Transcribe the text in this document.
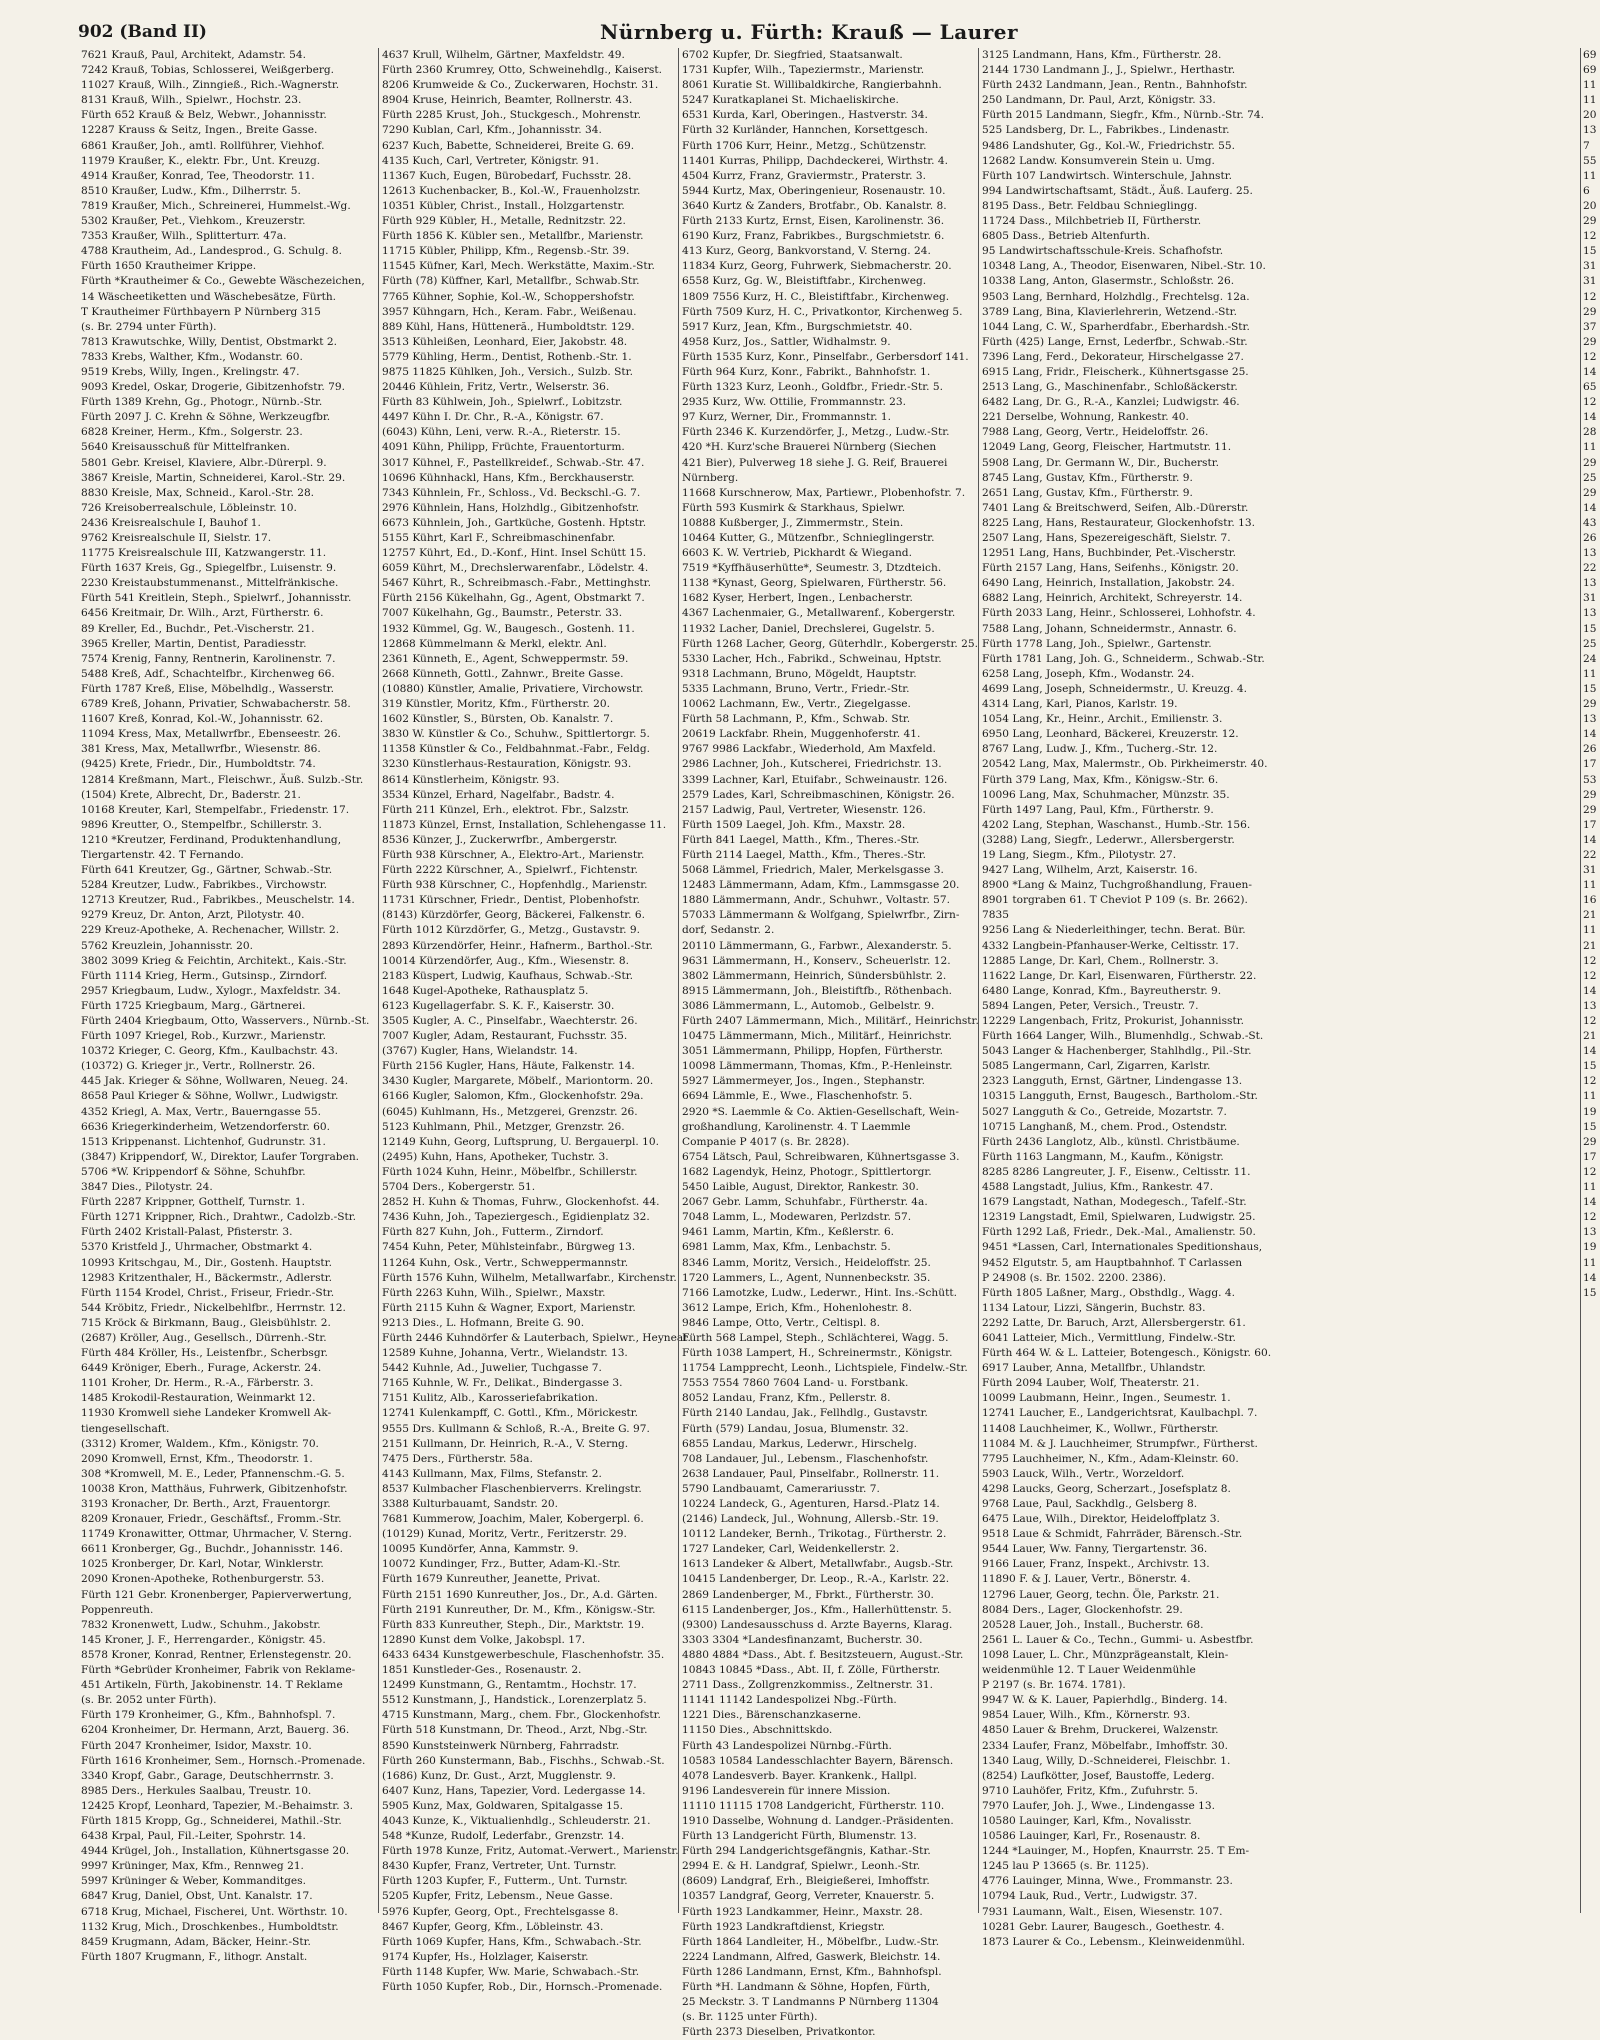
902 (Band II)	Nürnberg u. Fürth: Krauß — Laurer
7621 Krauß, Paul, Architekt, Adamstr. 54.
7242 Krauß, Tobias, Schlosserei, Weißgerberg.
11027 Krauß, Wilh., Zinngieß., Rich.-Wagnerstr.
8131 Krauß, Wilh., Spielwr., Hochstr. 23.
Fürth 652 Krauß & Belz, Webwr., Johannisstr.
12287 Krauss & Seitz, Ingen., Breite Gasse.
6861 Kraußer, Joh., amtl. Rollführer, Viehhof.
11979 Kraußer, K., elektr. Fbr., Unt. Kreuzg.
4914 Kraußer, Konrad, Tee, Theodorstr. 11.
8510 Kraußer, Ludw., Kfm., Dilherrstr. 5.
7819 Kraußer, Mich., Schreinerei, Hummelst.-Wg.
5302 Kraußer, Pet., Viehkom., Kreuzerstr.
7353 Kraußer, Wilh., Splitterturr. 47a.
4788 Krautheim, Ad., Landesprod., G. Schulg. 8.
Fürth 1650 Krautheimer Krippe.
Fürth *Krautheimer & Co., Gewebte Wäschezeichen,
14 Wäscheetiketten und Wäschebesätze, Fürth.
T Krautheimer Fürthbayern P Nürnberg 315
(s. Br. 2794 unter Fürth).
7813 Krawutschke, Willy, Dentist, Obstmarkt 2.
7833 Krebs, Walther, Kfm., Wodanstr. 60.
9519 Krebs, Willy, Ingen., Krelingstr. 47.
9093 Kredel, Oskar, Drogerie, Gibitzenhofstr. 79.
Fürth 1389 Krehn, Gg., Photogr., Nürnb.-Str.
Fürth 2097 J. C. Krehn & Söhne, Werkzeugfbr.
6828 Kreiner, Herm., Kfm., Solgerstr. 23.
5640 Kreisausschuß für Mittelfranken.
5801 Gebr. Kreisel, Klaviere, Albr.-Dürerpl. 9.
3867 Kreisle, Martin, Schneiderei, Karol.-Str. 29.
8830 Kreisle, Max, Schneid., Karol.-Str. 28.
726 Kreisoberrealschule, Löbleinstr. 10.
2436 Kreisrealschule I, Bauhof 1.
9762 Kreisrealschule II, Sielstr. 17.
11775 Kreisrealschule III, Katzwangerstr. 11.
Fürth 1637 Kreis, Gg., Spiegelfbr., Luisenstr. 9.
2230 Kreistaubstummenanst., Mittelfränkische.
Fürth 541 Kreitlein, Steph., Spielwrf., Johannisstr.
6456 Kreitmair, Dr. Wilh., Arzt, Fürtherstr. 6.
89 Kreller, Ed., Buchdr., Pet.-Vischerstr. 21.
3965 Kreller, Martin, Dentist, Paradiesstr.
7574 Krenig, Fanny, Rentnerin, Karolinenstr. 7.
5488 Kreß, Adf., Schachtelfbr., Kirchenweg 66.
Fürth 1787 Kreß, Elise, Möbelhdlg., Wasserstr.
6789 Kreß, Johann, Privatier, Schwabacherstr. 58.
11607 Kreß, Konrad, Kol.-W., Johannisstr. 62.
11094 Kress, Max, Metallwrfbr., Ebenseestr. 26.
381 Kress, Max, Metallwrfbr., Wiesenstr. 86.
(9425) Krete, Friedr., Dir., Humboldtstr. 74.
12814 Kreßmann, Mart., Fleischwr., Äuß. Sulzb.-Str.
(1504) Krete, Albrecht, Dr., Baderstr. 21.
10168 Kreuter, Karl, Stempelfabr., Friedenstr. 17.
9896 Kreutter, O., Stempelfbr., Schillerstr. 3.
1210 *Kreutzer, Ferdinand, Produktenhandlung,
Tiergartenstr. 42. T Fernando.
Fürth 641 Kreutzer, Gg., Gärtner, Schwab.-Str.
5284 Kreutzer, Ludw., Fabrikbes., Virchowstr.
12713 Kreutzer, Rud., Fabrikbes., Meuschelstr. 14.
9279 Kreuz, Dr. Anton, Arzt, Pilotystr. 40.
229 Kreuz-Apotheke, A. Rechenacher, Willstr. 2.
5762 Kreuzlein, Johannisstr. 20.
3802 3099 Krieg & Feichtin, Architekt., Kais.-Str.
Fürth 1114 Krieg, Herm., Gutsinsp., Zirndorf.
2957 Kriegbaum, Ludw., Xylogr., Maxfeldstr. 34.
Fürth 1725 Kriegbaum, Marg., Gärtnerei.
Fürth 2404 Kriegbaum, Otto, Wasservers., Nürnb.-St.
Fürth 1097 Kriegel, Rob., Kurzwr., Marienstr.
10372 Krieger, C. Georg, Kfm., Kaulbachstr. 43.
(10372) G. Krieger jr., Vertr., Rollnerstr. 26.
445 Jak. Krieger & Söhne, Wollwaren, Neueg. 24.
8658 Paul Krieger & Söhne, Wollwr., Ludwigstr.
4352 Kriegl, A. Max, Vertr., Bauerngasse 55.
6636 Kriegerkinderheim, Wetzendorferstr. 60.
1513 Krippenanst. Lichtenhof, Gudrunstr. 31.
(3847) Krippendorf, W., Direktor, Laufer Torgraben.
5706 *W. Krippendorf & Söhne, Schuhfbr.
3847 Dies., Pilotystr. 24.
Fürth 2287 Krippner, Gotthelf, Turnstr. 1.
Fürth 1271 Krippner, Rich., Drahtwr., Cadolzb.-Str.
Fürth 2402 Kristall-Palast, Pfisterstr. 3.
5370 Kristfeld J., Uhrmacher, Obstmarkt 4.
10993 Kritschgau, M., Dir., Gostenh. Hauptstr.
12983 Kritzenthaler, H., Bäckermstr., Adlerstr.
Fürth 1154 Krodel, Christ., Friseur, Friedr.-Str.
544 Kröbitz, Friedr., Nickelbehlfbr., Herrnstr. 12.
715 Kröck & Birkmann, Baug., Gleisbühlstr. 2.
(2687) Kröller, Aug., Gesellsch., Dürrenh.-Str.
Fürth 484 Kröller, Hs., Leistenfbr., Scherbsgr.
6449 Kröniger, Eberh., Furage, Ackerstr. 24.
1101 Kroher, Dr. Herm., R.-A., Färberstr. 3.
1485 Krokodil-Restauration, Weinmarkt 12.
11930 Kromwell siehe Landeker Kromwell Ak-
tiengesellschaft.
(3312) Kromer, Waldem., Kfm., Königstr. 70.
2090 Kromwell, Ernst, Kfm., Theodorstr. 1.
308 *Kromwell, M. E., Leder, Pfannenschm.-G. 5.
10038 Kron, Matthäus, Fuhrwerk, Gibitzenhofstr.
3193 Kronacher, Dr. Berth., Arzt, Frauentorgr.
8209 Kronauer, Friedr., Geschäftsf., Fromm.-Str.
11749 Kronawitter, Ottmar, Uhrmacher, V. Sterng.
6611 Kronberger, Gg., Buchdr., Johannisstr. 146.
1025 Kronberger, Dr. Karl, Notar, Winklerstr.
2090 Kronen-Apotheke, Rothenburgerstr. 53.
Fürth 121 Gebr. Kronenberger, Papierverwertung,
Poppenreuth.
7832 Kronenwett, Ludw., Schuhm., Jakobstr.
145 Kroner, J. F., Herrengarder., Königstr. 45.
8578 Kroner, Konrad, Rentner, Erlenstegenstr. 20.
Fürth *Gebrüder Kronheimer, Fabrik von Reklame-
451 Artikeln, Fürth, Jakobinenstr. 14. T Reklame
(s. Br. 2052 unter Fürth).
Fürth 179 Kronheimer, G., Kfm., Bahnhofspl. 7.
6204 Kronheimer, Dr. Hermann, Arzt, Bauerg. 36.
Fürth 2047 Kronheimer, Isidor, Maxstr. 10.
Fürth 1616 Kronheimer, Sem., Hornsch.-Promenade.
3340 Kropf, Gabr., Garage, Deutschherrnstr. 3.
8985 Ders., Herkules Saalbau, Treustr. 10.
12425 Kropf, Leonhard, Tapezier, M.-Behaimstr. 3.
Fürth 1815 Kropp, Gg., Schneiderei, Mathil.-Str.
6438 Krpal, Paul, Fil.-Leiter, Spohrstr. 14.
4944 Krügel, Joh., Installation, Kühnertsgasse 20.
9997 Krüninger, Max, Kfm., Rennweg 21.
5997 Krüninger & Weber, Kommanditges.
6847 Krug, Daniel, Obst, Unt. Kanalstr. 17.
6718 Krug, Michael, Fischerei, Unt. Wörthstr. 10.
1132 Krug, Mich., Droschkenbes., Humboldtstr.
8459 Krugmann, Adam, Bäcker, Heinr.-Str.
Fürth 1807 Krugmann, F., lithogr. Anstalt.
4637 Krull, Wilhelm, Gärtner, Maxfeldstr. 49.
Fürth 2360 Krumrey, Otto, Schweinehdlg., Kaiserst.
8206 Krumweide & Co., Zuckerwaren, Hochstr. 31.
8904 Kruse, Heinrich, Beamter, Rollnerstr. 43.
Fürth 2285 Krust, Joh., Stuckgesch., Mohrenstr.
7290 Kublan, Carl, Kfm., Johannisstr. 34.
6237 Kuch, Babette, Schneiderei, Breite G. 69.
4135 Kuch, Carl, Vertreter, Königstr. 91.
11367 Kuch, Eugen, Bürobedarf, Fuchsstr. 28.
12613 Kuchenbacker, B., Kol.-W., Frauenholzstr.
10351 Kübler, Christ., Install., Holzgartenstr.
Fürth 929 Kübler, H., Metalle, Rednitzstr. 22.
Fürth 1856 K. Kübler sen., Metallfbr., Marienstr.
11715 Kübler, Philipp, Kfm., Regensb.-Str. 39.
11545 Küfner, Karl, Mech. Werkstätte, Maxim.-Str.
Fürth (78) Küffner, Karl, Metallfbr., Schwab.Str.
7765 Kühner, Sophie, Kol.-W., Schoppershofstr.
3957 Kühngarn, Hch., Keram. Fabr., Weißenau.
889 Kühl, Hans, Hütteneră., Humboldtstr. 129.
3513 Kühleißen, Leonhard, Eier, Jakobstr. 48.
5779 Kühling, Herm., Dentist, Rothenb.-Str. 1.
9875 11825 Kühlken, Joh., Versich., Sulzb. Str.
20446 Kühlein, Fritz, Vertr., Welserstr. 36.
Fürth 83 Kühlwein, Joh., Spielwrf., Lobitzstr.
4497 Kühn I. Dr. Chr., R.-A., Königstr. 67.
(6043) Kühn, Leni, verw. R.-A., Rieterstr. 15.
4091 Kühn, Philipp, Früchte, Frauentorturm.
3017 Kühnel, F., Pastellkreidef., Schwab.-Str. 47.
10696 Kühnhackl, Hans, Kfm., Berckhauserstr.
7343 Kühnlein, Fr., Schloss., Vd. Beckschl.-G. 7.
2976 Kühnlein, Hans, Holzhdlg., Gibitzenhofstr.
6673 Kühnlein, Joh., Gartküche, Gostenh. Hptstr.
5155 Kührt, Karl F., Schreibmaschinenfabr.
12757 Kührt, Ed., D.-Konf., Hint. Insel Schütt 15.
6059 Kührt, M., Drechslerwarenfabr., Lödelstr. 4.
5467 Kührt, R., Schreibmasch.-Fabr., Mettinghstr.
Fürth 2156 Kükelhahn, Gg., Agent, Obstmarkt 7.
7007 Kükelhahn, Gg., Baumstr., Peterstr. 33.
1932 Kümmel, Gg. W., Baugesch., Gostenh. 11.
12868 Kümmelmann & Merkl, elektr. Anl.
2361 Künneth, E., Agent, Schweppermstr. 59.
2668 Künneth, Gottl., Zahnwr., Breite Gasse.
(10880) Künstler, Amalie, Privatiere, Virchowstr.
319 Künstler, Moritz, Kfm., Fürtherstr. 20.
1602 Künstler, S., Bürsten, Ob. Kanalstr. 7.
3830 W. Künstler & Co., Schuhw., Spittlertorgr. 5.
11358 Künstler & Co., Feldbahnmat.-Fabr., Feldg.
3230 Künstlerhaus-Restauration, Königstr. 93.
8614 Künstlerheim, Königstr. 93.
3534 Künzel, Erhard, Nagelfabr., Badstr. 4.
Fürth 211 Künzel, Erh., elektrot. Fbr., Salzstr.
11873 Künzel, Ernst, Installation, Schlehengasse 11.
8536 Künzer, J., Zuckerwrfbr., Ambergerstr.
Fürth 938 Kürschner, A., Elektro-Art., Marienstr.
Fürth 2222 Kürschner, A., Spielwrf., Fichtenstr.
Fürth 938 Kürschner, C., Hopfenhdlg., Marienstr.
11731 Kürschner, Friedr., Dentist, Plobenhofstr.
(8143) Kürzdörfer, Georg, Bäckerei, Falkenstr. 6.
Fürth 1012 Kürzdörfer, G., Metzg., Gustavstr. 9.
2893 Kürzendörfer, Heinr., Hafnerm., Barthol.-Str.
10014 Kürzendörfer, Aug., Kfm., Wiesenstr. 8.
2183 Küspert, Ludwig, Kaufhaus, Schwab.-Str.
1648 Kugel-Apotheke, Rathausplatz 5.
6123 Kugellagerfabr. S. K. F., Kaiserstr. 30.
3505 Kugler, A. C., Pinselfabr., Waechterstr. 26.
7007 Kugler, Adam, Restaurant, Fuchsstr. 35.
(3767) Kugler, Hans, Wielandstr. 14.
Fürth 2156 Kugler, Hans, Häute, Falkenstr. 14.
3430 Kugler, Margarete, Möbelf., Mariontorm. 20.
6166 Kugler, Salomon, Kfm., Glockenhofstr. 29a.
(6045) Kuhlmann, Hs., Metzgerei, Grenzstr. 26.
5123 Kuhlmann, Phil., Metzger, Grenzstr. 26.
12149 Kuhn, Georg, Luftsprung, U. Bergauerpl. 10.
(2495) Kuhn, Hans, Apotheker, Tuchstr. 3.
Fürth 1024 Kuhn, Heinr., Möbelfbr., Schillerstr.
5704 Ders., Kobergerstr. 51.
2852 H. Kuhn & Thomas, Fuhrw., Glockenhofst. 44.
7436 Kuhn, Joh., Tapeziergesch., Egidienplatz 32.
Fürth 827 Kuhn, Joh., Futterm., Zirndorf.
7454 Kuhn, Peter, Mühlsteinfabr., Bürgweg 13.
11264 Kuhn, Osk., Vertr., Schweppermannstr.
Fürth 1576 Kuhn, Wilhelm, Metallwarfabr., Kirchenstr.
Fürth 2263 Kuhn, Wilh., Spielwr., Maxstr.
Fürth 2115 Kuhn & Wagner, Export, Marienstr.
9213 Dies., L. Hofmann, Breite G. 90.
Fürth 2446 Kuhndörfer & Lauterbach, Spielwr., Heyneat.
12589 Kuhne, Johanna, Vertr., Wielandstr. 13.
5442 Kuhnle, Ad., Juwelier, Tuchgasse 7.
7165 Kuhnle, W. Fr., Delikat., Bindergasse 3.
7151 Kulitz, Alb., Karosseriefabrikation.
12741 Kulenkampff, C. Gottl., Kfm., Mörickestr.
9555 Drs. Kullmann & Schloß, R.-A., Breite G. 97.
2151 Kullmann, Dr. Heinrich, R.-A., V. Sterng.
7475 Ders., Fürtherstr. 58a.
4143 Kullmann, Max, Films, Stefanstr. 2.
8537 Kulmbacher Flaschenbierverrs. Krelingstr.
3388 Kulturbauamt, Sandstr. 20.
7681 Kummerow, Joachim, Maler, Kobergerpl. 6.
(10129) Kunad, Moritz, Vertr., Feritzerstr. 29.
10095 Kundörfer, Anna, Kammstr. 9.
10072 Kundinger, Frz., Butter, Adam-Kl.-Str.
Fürth 1679 Kunreuther, Jeanette, Privat.
Fürth 2151 1690 Kunreuther, Jos., Dr., A.d. Gärten.
Fürth 2191 Kunreuther, Dr. M., Kfm., Königsw.-Str.
Fürth 833 Kunreuther, Steph., Dir., Marktstr. 19.
12890 Kunst dem Volke, Jakobspl. 17.
6433 6434 Kunstgewerbeschule, Flaschenhofstr. 35.
1851 Kunstleder-Ges., Rosenaustr. 2.
12499 Kunstmann, G., Rentamtm., Hochstr. 17.
5512 Kunstmann, J., Handstick., Lorenzerplatz 5.
4715 Kunstmann, Marg., chem. Fbr., Glockenhofstr.
Fürth 518 Kunstmann, Dr. Theod., Arzt, Nbg.-Str.
8590 Kunststeinwerk Nürnberg, Fahrradstr.
Fürth 260 Kunstermann, Bab., Fischhs., Schwab.-St.
(1686) Kunz, Dr. Gust., Arzt, Mugglenstr. 9.
6407 Kunz, Hans, Tapezier, Vord. Ledergasse 14.
5905 Kunz, Max, Goldwaren, Spitalgasse 15.
4043 Kunze, K., Viktualienhdlg., Schleuderstr. 21.
548 *Kunze, Rudolf, Lederfabr., Grenzstr. 14.
Fürth 1978 Kunze, Fritz, Automat.-Verwert., Marienstr.
8430 Kupfer, Franz, Vertreter, Unt. Turnstr.
Fürth 1203 Kupfer, F., Futterm., Unt. Turnstr.
5205 Kupfer, Fritz, Lebensm., Neue Gasse.
5976 Kupfer, Georg, Opt., Frechtelsgasse 8.
8467 Kupfer, Georg, Kfm., Löbleinstr. 43.
Fürth 1069 Kupfer, Hans, Kfm., Schwabach.-Str.
9174 Kupfer, Hs., Holzlager, Kaiserstr.
Fürth 1148 Kupfer, Ww. Marie, Schwabach.-Str.
Fürth 1050 Kupfer, Rob., Dir., Hornsch.-Promenade.
6702 Kupfer, Dr. Siegfried, Staatsanwalt.
1731 Kupfer, Wilh., Tapeziermstr., Marienstr.
8061 Kuratie St. Willibaldkirche, Rangierbahnh.
5247 Kuratkaplanei St. Michaeliskirche.
6531 Kurda, Karl, Oberingen., Hastverstr. 34.
Fürth 32 Kurländer, Hannchen, Korsettgesch.
Fürth 1706 Kurr, Heinr., Metzg., Schützenstr.
11401 Kurras, Philipp, Dachdeckerei, Wirthstr. 4.
4504 Kurrz, Franz, Graviermstr., Praterstr. 3.
5944 Kurtz, Max, Oberingenieur, Rosenaustr. 10.
3640 Kurtz & Zanders, Brotfabr., Ob. Kanalstr. 8.
Fürth 2133 Kurtz, Ernst, Eisen, Karolinenstr. 36.
6190 Kurz, Franz, Fabrikbes., Burgschmietstr. 6.
413 Kurz, Georg, Bankvorstand, V. Sterng. 24.
11834 Kurz, Georg, Fuhrwerk, Siebmacherstr. 20.
6558 Kurz, Gg. W., Bleistiftfabr., Kirchenweg.
1809 7556 Kurz, H. C., Bleistiftfabr., Kirchenweg.
Fürth 7509 Kurz, H. C., Privatkontor, Kirchenweg 5.
5917 Kurz, Jean, Kfm., Burgschmietstr. 40.
4958 Kurz, Jos., Sattler, Widhalmstr. 9.
Fürth 1535 Kurz, Konr., Pinselfabr., Gerbersdorf 141.
Fürth 964 Kurz, Konr., Fabrikt., Bahnhofstr. 1.
Fürth 1323 Kurz, Leonh., Goldfbr., Friedr.-Str. 5.
2935 Kurz, Ww. Ottilie, Frommannstr. 23.
97 Kurz, Werner, Dir., Frommannstr. 1.
Fürth 2346 K. Kurzendörfer, J., Metzg., Ludw.-Str.
420 *H. Kurz'sche Brauerei Nürnberg (Siechen
421 Bier), Pulverweg 18 siehe J. G. Reif, Brauerei
Nürnberg.
11668 Kurschnerow, Max, Partiewr., Plobenhofstr. 7.
Fürth 593 Kusmirk & Starkhaus, Spielwr.
10888 Kußberger, J., Zimmermstr., Stein.
10464 Kutter, G., Mützenfbr., Schnieglingerstr.
6603 K. W. Vertrieb, Pickhardt & Wiegand.
7519 *Kyffhäuserhütte*, Seumestr. 3, Dtzdteich.
1138 *Kynast, Georg, Spielwaren, Fürtherstr. 56.
1682 Kyser, Herbert, Ingen., Lenbacherstr.
4367 Lachenmaier, G., Metallwarenf., Kobergerstr.
11932 Lacher, Daniel, Drechslerei, Gugelstr. 5.
Fürth 1268 Lacher, Georg, Güterhdlr., Kobergerstr. 25.
5330 Lacher, Hch., Fabrikd., Schweinau, Hptstr.
9318 Lachmann, Bruno, Mögeldt, Hauptstr.
5335 Lachmann, Bruno, Vertr., Friedr.-Str.
10062 Lachmann, Ew., Vertr., Ziegelgasse.
Fürth 58 Lachmann, P., Kfm., Schwab. Str.
20619 Lackfabr. Rhein, Muggenhoferstr. 41.
9767 9986 Lackfabr., Wiederhold, Am Maxfeld.
2986 Lachner, Joh., Kutscherei, Friedrichstr. 13.
3399 Lachner, Karl, Etuifabr., Schweinaustr. 126.
2579 Lades, Karl, Schreibmaschinen, Königstr. 26.
2157 Ladwig, Paul, Vertreter, Wiesenstr. 126.
Fürth 1509 Laegel, Joh. Kfm., Maxstr. 28.
Fürth 841 Laegel, Matth., Kfm., Theres.-Str.
Fürth 2114 Laegel, Matth., Kfm., Theres.-Str.
5068 Lämmel, Friedrich, Maler, Merkelsgasse 3.
12483 Lämmermann, Adam, Kfm., Lammsgasse 20.
1880 Lämmermann, Andr., Schuhwr., Voltastr. 57.
57033 Lämmermann & Wolfgang, Spielwrfbr., Zirn-
dorf, Sedanstr. 2.
20110 Lämmermann, G., Farbwr., Alexanderstr. 5.
9631 Lämmermann, H., Konserv., Scheuerlstr. 12.
3802 Lämmermann, Heinrich, Sündersbühlstr. 2.
8915 Lämmermann, Joh., Bleistiftfb., Röthenbach.
3086 Lämmermann, L., Automob., Gelbelstr. 9.
Fürth 2407 Lämmermann, Mich., Militärf., Heinrichstr.
10475 Lämmermann, Mich., Militärf., Heinrichstr.
3051 Lämmermann, Philipp, Hopfen, Fürtherstr.
10098 Lämmermann, Thomas, Kfm., P.-Henleinstr.
5927 Lämmermeyer, Jos., Ingen., Stephanstr.
6694 Lämmle, E., Wwe., Flaschenhofstr. 5.
2920 *S. Laemmle & Co. Aktien-Gesellschaft, Wein-
großhandlung, Karolinenstr. 4. T Laemmle
Companie P 4017 (s. Br. 2828).
6754 Lätsch, Paul, Schreibwaren, Kühnertsgasse 3.
1682 Lagendyk, Heinz, Photogr., Spittlertorgr.
5450 Laible, August, Direktor, Rankestr. 30.
2067 Gebr. Lamm, Schuhfabr., Fürtherstr. 4a.
7048 Lamm, L., Modewaren, Perlzdstr. 57.
9461 Lamm, Martin, Kfm., Keßlerstr. 6.
6981 Lamm, Max, Kfm., Lenbachstr. 5.
8346 Lamm, Moritz, Versich., Heideloffstr. 25.
1720 Lammers, L., Agent, Nunnenbeckstr. 35.
7166 Lamotzke, Ludw., Lederwr., Hint. Ins.-Schütt.
3612 Lampe, Erich, Kfm., Hohenlohestr. 8.
9846 Lampe, Otto, Vertr., Celtispl. 8.
Fürth 568 Lampel, Steph., Schlächterei, Wagg. 5.
Fürth 1038 Lampert, H., Schreinermstr., Königstr.
11754 Lampprecht, Leonh., Lichtspiele, Findelw.-Str.
7553 7554 7860 7604 Land- u. Forstbank.
8052 Landau, Franz, Kfm., Pellerstr. 8.
Fürth 2140 Landau, Jak., Fellhdlg., Gustavstr.
Fürth (579) Landau, Josua, Blumenstr. 32.
6855 Landau, Markus, Lederwr., Hirschelg.
708 Landauer, Jul., Lebensm., Flaschenhofstr.
2638 Landauer, Paul, Pinselfabr., Rollnerstr. 11.
5790 Landbauamt, Camerariusstr. 7.
10224 Landeck, G., Agenturen, Harsd.-Platz 14.
(2146) Landeck, Jul., Wohnung, Allersb.-Str. 19.
10112 Landeker, Bernh., Trikotag., Fürtherstr. 2.
1727 Landeker, Carl, Weidenkellerstr. 2.
1613 Landeker & Albert, Metallwfabr., Augsb.-Str.
10415 Landenberger, Dr. Leop., R.-A., Karlstr. 22.
2869 Landenberger, M., Fbrkt., Fürtherstr. 30.
6115 Landenberger, Jos., Kfm., Hallerhüttenstr. 5.
(9300) Landesausschuss d. Arzte Bayerns, Klarag.
3303 3304 *Landesfinanzamt, Bucherstr. 30.
4880 4884 *Dass., Abt. f. Besitzsteuern, August.-Str.
10843 10845 *Dass., Abt. II, f. Zölle, Fürtherstr.
2711 Dass., Zollgrenzkommiss., Zeltnerstr. 31.
11141 11142 Landespolizei Nbg.-Fürth.
1221 Dies., Bärenschanzkaserne.
11150 Dies., Abschnittskdo.
Fürth 43 Landespolizei Nürnbg.-Fürth.
10583 10584 Landesschlachter Bayern, Bärensch.
4078 Landesverb. Bayer. Krankenk., Hallpl.
9196 Landesverein für innere Mission.
11110 11115 1708 Landgericht, Fürtherstr. 110.
1910 Dasselbe, Wohnung d. Landger.-Präsidenten.
Fürth 13 Landgericht Fürth, Blumenstr. 13.
Fürth 294 Landgerichtsgefängnis, Kathar.-Str.
2994 E. & H. Landgraf, Spielwr., Leonh.-Str.
(8609) Landgraf, Erh., Bleigießerei, Imhoffstr.
10357 Landgraf, Georg, Verreter, Knauerstr. 5.
Fürth 1923 Landkammer, Heinr., Maxstr. 28.
Fürth 1923 Landkraftdienst, Kriegstr.
Fürth 1864 Landleiter, H., Möbelfbr., Ludw.-Str.
2224 Landmann, Alfred, Gaswerk, Bleichstr. 14.
Fürth 1286 Landmann, Ernst, Kfm., Bahnhofspl.
Fürth *H. Landmann & Söhne, Hopfen, Fürth,
25 Meckstr. 3. T Landmanns P Nürnberg 11304
(s. Br. 1125 unter Fürth).
Fürth 2373 Dieselben, Privatkontor.
3125 Landmann, Hans, Kfm., Fürtherstr. 28.
2144 1730 Landmann J., J., Spielwr., Herthastr.
Fürth 2432 Landmann, Jean., Rentn., Bahnhofstr.
250 Landmann, Dr. Paul, Arzt, Königstr. 33.
Fürth 2015 Landmann, Siegfr., Kfm., Nürnb.-Str. 74.
525 Landsberg, Dr. L., Fabrikbes., Lindenastr.
9486 Landshuter, Gg., Kol.-W., Friedrichstr. 55.
12682 Landw. Konsumverein Stein u. Umg.
Fürth 107 Landwirtsch. Winterschule, Jahnstr.
994 Landwirtschaftsamt, Städt., Äuß. Lauferg. 25.
8195 Dass., Betr. Feldbau Schnieglingg.
11724 Dass., Milchbetrieb II, Fürtherstr.
6805 Dass., Betrieb Altenfurth.
95 Landwirtschaftsschule-Kreis. Schafhofstr.
10348 Lang, A., Theodor, Eisenwaren, Nibel.-Str. 10.
10338 Lang, Anton, Glasermstr., Schloßstr. 26.
9503 Lang, Bernhard, Holzhdlg., Frechtelsg. 12a.
3789 Lang, Bina, Klavierlehrerin, Wetzend.-Str.
1044 Lang, C. W., Sparherdfabr., Eberhardsh.-Str.
Fürth (425) Lange, Ernst, Lederfbr., Schwab.-Str.
7396 Lang, Ferd., Dekorateur, Hirschelgasse 27.
6915 Lang, Fridr., Fleischerk., Kühnertsgasse 25.
2513 Lang, G., Maschinenfabr., Schloßäckerstr.
6482 Lang, Dr. G., R.-A., Kanzlei; Ludwigstr. 46.
221 Derselbe, Wohnung, Rankestr. 40.
7988 Lang, Georg, Vertr., Heideloffstr. 26.
12049 Lang, Georg, Fleischer, Hartmutstr. 11.
5908 Lang, Dr. Germann W., Dir., Bucherstr.
8745 Lang, Gustav, Kfm., Fürtherstr. 9.
2651 Lang, Gustav, Kfm., Fürtherstr. 9.
7401 Lang & Breitschwerd, Seifen, Alb.-Dürerstr.
8225 Lang, Hans, Restaurateur, Glockenhofstr. 13.
2507 Lang, Hans, Spezereigeschäft, Sielstr. 7.
12951 Lang, Hans, Buchbinder, Pet.-Vischerstr.
Fürth 2157 Lang, Hans, Seifenhs., Königstr. 20.
6490 Lang, Heinrich, Installation, Jakobstr. 24.
6882 Lang, Heinrich, Architekt, Schreyerstr. 14.
Fürth 2033 Lang, Heinr., Schlosserei, Lohhofstr. 4.
7588 Lang, Johann, Schneidermstr., Annastr. 6.
Fürth 1778 Lang, Joh., Spielwr., Gartenstr.
Fürth 1781 Lang, Joh. G., Schneiderm., Schwab.-Str.
6258 Lang, Joseph, Kfm., Wodanstr. 24.
4699 Lang, Joseph, Schneidermstr., U. Kreuzg. 4.
4314 Lang, Karl, Pianos, Karlstr. 19.
1054 Lang, Kr., Heinr., Archit., Emilienstr. 3.
6950 Lang, Leonhard, Bäckerei, Kreuzerstr. 12.
8767 Lang, Ludw. J., Kfm., Tucherg.-Str. 12.
20542 Lang, Max, Malermstr., Ob. Pirkheimerstr. 40.
Fürth 379 Lang, Max, Kfm., Königsw.-Str. 6.
10096 Lang, Max, Schuhmacher, Münzstr. 35.
Fürth 1497 Lang, Paul, Kfm., Fürtherstr. 9.
4202 Lang, Stephan, Waschanst., Humb.-Str. 156.
(3288) Lang, Siegfr., Lederwr., Allersbergerstr.
19 Lang, Siegm., Kfm., Pilotystr. 27.
9427 Lang, Wilhelm, Arzt, Kaiserstr. 16.
8900 *Lang & Mainz, Tuchgroßhandlung, Frauen-
8901 torgraben 61. T Cheviot P 109 (s. Br. 2662).
7835
9256 Lang & Niederleithinger, techn. Berat. Bür.
4332 Langbein-Pfanhauser-Werke, Celtisstr. 17.
12885 Lange, Dr. Karl, Chem., Rollnerstr. 3.
11622 Lange, Dr. Karl, Eisenwaren, Fürtherstr. 22.
6480 Lange, Konrad, Kfm., Bayreutherstr. 9.
5894 Langen, Peter, Versich., Treustr. 7.
12229 Langenbach, Fritz, Prokurist, Johannisstr.
Fürth 1664 Langer, Wilh., Blumenhdlg., Schwab.-St.
5043 Langer & Hachenberger, Stahlhdlg., Pil.-Str.
5085 Langermann, Carl, Zigarren, Karlstr.
2323 Langguth, Ernst, Gärtner, Lindengasse 13.
10315 Langguth, Ernst, Baugesch., Bartholom.-Str.
5027 Langguth & Co., Getreide, Mozartstr. 7.
10715 Langhanß, M., chem. Prod., Ostendstr.
Fürth 2436 Langlotz, Alb., künstl. Christbäume.
Fürth 1163 Langmann, M., Kaufm., Königstr.
8285 8286 Langreuter, J. F., Eisenw., Celtisstr. 11.
4588 Langstadt, Julius, Kfm., Rankestr. 47.
1679 Langstadt, Nathan, Modegesch., Tafelf.-Str.
12319 Langstadt, Emil, Spielwaren, Ludwigstr. 25.
Fürth 1292 Laß, Friedr., Dek.-Mal., Amalienstr. 50.
9451 *Lassen, Carl, Internationales Speditionshaus,
9452 Elgutstr. 5, am Hauptbahnhof. T Carlassen
P 24908 (s. Br. 1502. 2200. 2386).
Fürth 1805 Laßner, Marg., Obsthdlg., Wagg. 4.
1134 Latour, Lizzi, Sängerin, Buchstr. 83.
2292 Latte, Dr. Baruch, Arzt, Allersbergerstr. 61.
6041 Latteier, Mich., Vermittlung, Findelw.-Str.
Fürth 464 W. & L. Latteier, Botengesch., Königstr. 60.
6917 Lauber, Anna, Metallfbr., Uhlandstr.
Fürth 2094 Lauber, Wolf, Theaterstr. 21.
10099 Laubmann, Heinr., Ingen., Seumestr. 1.
12741 Laucher, E., Landgerichtsrat, Kaulbachpl. 7.
11408 Lauchheimer, K., Wollwr., Fürtherstr.
11084 M. & J. Lauchheimer, Strumpfwr., Fürtherst.
7795 Lauchheimer, N., Kfm., Adam-Kleinstr. 60.
5903 Lauck, Wilh., Vertr., Worzeldorf.
4298 Laucks, Georg, Scherzart., Josefsplatz 8.
9768 Laue, Paul, Sackhdlg., Gelsberg 8.
6475 Laue, Wilh., Direktor, Heideloffplatz 3.
9518 Laue & Schmidt, Fahrräder, Bärensch.-Str.
9544 Lauer, Ww. Fanny, Tiergartenstr. 36.
9166 Lauer, Franz, Inspekt., Archivstr. 13.
11890 F. & J. Lauer, Vertr., Bönerstr. 4.
12796 Lauer, Georg, techn. Öle, Parkstr. 21.
8084 Ders., Lager, Glockenhofstr. 29.
20528 Lauer, Joh., Install., Bucherstr. 68.
2561 L. Lauer & Co., Techn., Gummi- u. Asbestfbr.
1098 Lauer, L. Chr., Münzprägeanstalt, Klein-
weidenmühle 12. T Lauer Weidenmühle
P 2197 (s. Br. 1674. 1781).
9947 W. & K. Lauer, Papierhdlg., Binderg. 14.
9854 Lauer, Wilh., Kfm., Körnerstr. 93.
4850 Lauer & Brehm, Druckerei, Walzenstr.
2334 Laufer, Franz, Möbelfabr., Imhoffstr. 30.
1340 Laug, Willy, D.-Schneiderei, Fleischbr. 1.
(8254) Laufkötter, Josef, Baustoffe, Lederg.
9710 Lauhöfer, Fritz, Kfm., Zufuhrstr. 5.
7970 Laufer, Joh. J., Wwe., Lindengasse 13.
10580 Lauinger, Karl, Kfm., Novalisstr.
10586 Lauinger, Karl, Fr., Rosenaustr. 8.
1244 *Lauinger, M., Hopfen, Knaurrstr. 25. T Em-
1245 lau P 13665 (s. Br. 1125).
4776 Lauinger, Minna, Wwe., Frommanstr. 23.
10794 Lauk, Rud., Vertr., Ludwigstr. 37.
7931 Laumann, Walt., Eisen, Wiesenstr. 107.
10281 Gebr. Laurer, Baugesch., Goethestr. 4.
1873 Laurer & Co., Lebensm., Kleinweidenmühl.
69
69
11
11
20
13
7
55
11
6
20
29
12
15
31
31
12
29
37
29
12
14
65
12
14
28
11
29
25
29
14
43
26
13
22
13
31
13
15
25
24
11
15
29
13
14
26
17
53
29
29
17
14
22
31
11
16
21
11
21
12
12
14
13
12
21
14
15
12
11
19
15
29
17
12
11
14
12
13
19
11
14
15
